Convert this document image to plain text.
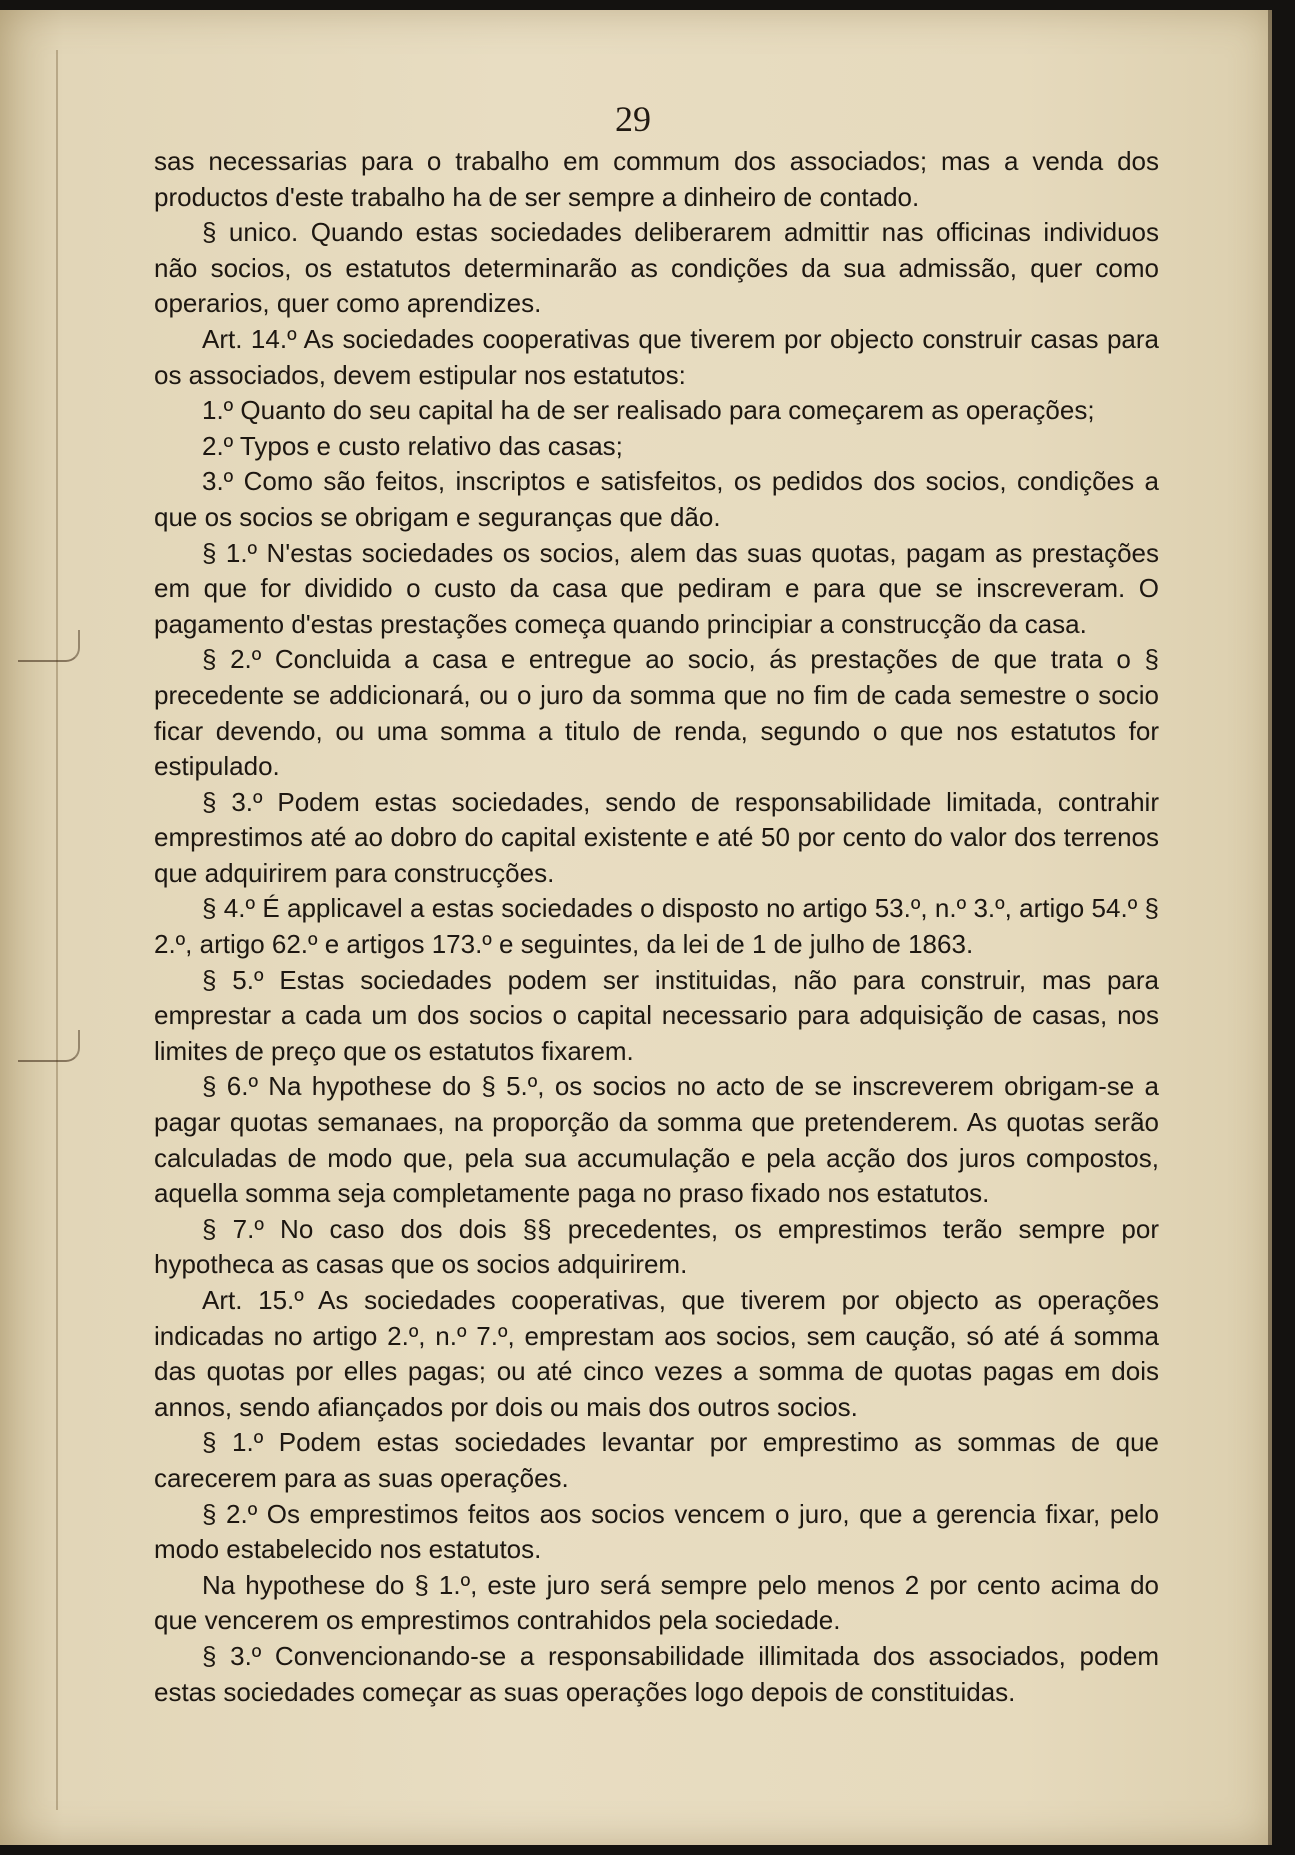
29

sas necessarias para o trabalho em commum dos associados; mas a venda dos productos d'este trabalho ha de ser sempre a dinheiro de contado.

§ unico. Quando estas sociedades deliberarem admittir nas officinas individuos não socios, os estatutos determinarão as condições da sua admissão, quer como operarios, quer como aprendizes.

Art. 14.º As sociedades cooperativas que tiverem por objecto construir casas para os associados, devem estipular nos estatutos:

1.º Quanto do seu capital ha de ser realisado para começarem as operações;

2.º Typos e custo relativo das casas;

3.º Como são feitos, inscriptos e satisfeitos, os pedidos dos socios, condições a que os socios se obrigam e seguranças que dão.

§ 1.º N'estas sociedades os socios, alem das suas quotas, pagam as prestações em que for dividido o custo da casa que pediram e para que se inscreveram. O pagamento d'estas prestações começa quando principiar a construcção da casa.

§ 2.º Concluida a casa e entregue ao socio, ás prestações de que trata o § precedente se addicionará, ou o juro da somma que no fim de cada semestre o socio ficar devendo, ou uma somma a titulo de renda, segundo o que nos estatutos for estipulado.

§ 3.º Podem estas sociedades, sendo de responsabilidade limitada, contrahir emprestimos até ao dobro do capital existente e até 50 por cento do valor dos terrenos que adquirirem para construcções.

§ 4.º É applicavel a estas sociedades o disposto no artigo 53.º, n.º 3.º, artigo 54.º § 2.º, artigo 62.º e artigos 173.º e seguintes, da lei de 1 de julho de 1863.

§ 5.º Estas sociedades podem ser instituidas, não para construir, mas para emprestar a cada um dos socios o capital necessario para adquisição de casas, nos limites de preço que os estatutos fixarem.

§ 6.º Na hypothese do § 5.º, os socios no acto de se inscreverem obrigam-se a pagar quotas semanaes, na proporção da somma que pretenderem. As quotas serão calculadas de modo que, pela sua accumulação e pela acção dos juros compostos, aquella somma seja completamente paga no praso fixado nos estatutos.

§ 7.º No caso dos dois §§ precedentes, os emprestimos terão sempre por hypotheca as casas que os socios adquirirem.

Art. 15.º As sociedades cooperativas, que tiverem por objecto as operações indicadas no artigo 2.º, n.º 7.º, emprestam aos socios, sem caução, só até á somma das quotas por elles pagas; ou até cinco vezes a somma de quotas pagas em dois annos, sendo afiançados por dois ou mais dos outros socios.

§ 1.º Podem estas sociedades levantar por emprestimo as sommas de que carecerem para as suas operações.

§ 2.º Os emprestimos feitos aos socios vencem o juro, que a gerencia fixar, pelo modo estabelecido nos estatutos.

Na hypothese do § 1.º, este juro será sempre pelo menos 2 por cento acima do que vencerem os emprestimos contrahidos pela sociedade.

§ 3.º Convencionando-se a responsabilidade illimitada dos associados, podem estas sociedades começar as suas operações logo depois de constituidas.
